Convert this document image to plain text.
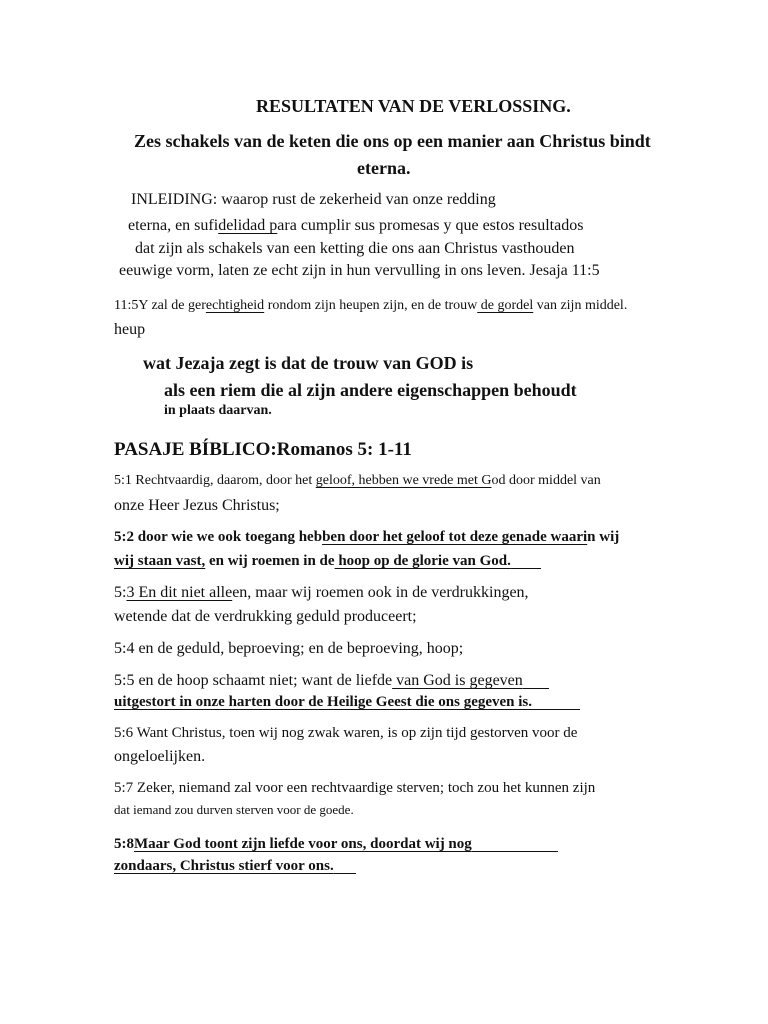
RESULTATEN VAN DE VERLOSSING.
Zes schakels van de keten die ons op een manier aan Christus bindt
eterna.
INLEIDING: waarop rust de zekerheid van onze redding
eterna, en sufidelidad para cumplir sus promesas y que estos resultados
dat zijn als schakels van een ketting die ons aan Christus vasthouden
eeuwige vorm, laten ze echt zijn in hun vervulling in ons leven. Jesaja 11:5
11:5Y zal de gerechtigheid rondom zijn heupen zijn, en de trouw de gordel van zijn middel.
heup
wat Jezaja zegt is dat de trouw van GOD is
als een riem die al zijn andere eigenschappen behoudt
in plaats daarvan.
PASAJE BÍBLICO:Romanos 5: 1-11
5:1 Rechtvaardig, daarom, door het geloof, hebben we vrede met God door middel van
onze Heer Jezus Christus;
5:2 door wie we ook toegang hebben door het geloof tot deze genade waarin wij
wij staan vast, en wij roemen in de hoop op de glorie van God.
5:3 En dit niet alleen, maar wij roemen ook in de verdrukkingen,
wetende dat de verdrukking geduld produceert;
5:4 en de geduld, beproeving; en de beproeving, hoop;
5:5 en de hoop schaamt niet; want de liefde van God is gegeven
uitgestort in onze harten door de Heilige Geest die ons gegeven is.
5:6 Want Christus, toen wij nog zwak waren, is op zijn tijd gestorven voor de
ongeloelijken.
5:7 Zeker, niemand zal voor een rechtvaardige sterven; toch zou het kunnen zijn
dat iemand zou durven sterven voor de goede.
5:8Maar God toont zijn liefde voor ons, doordat wij nog
zondaars, Christus stierf voor ons.
